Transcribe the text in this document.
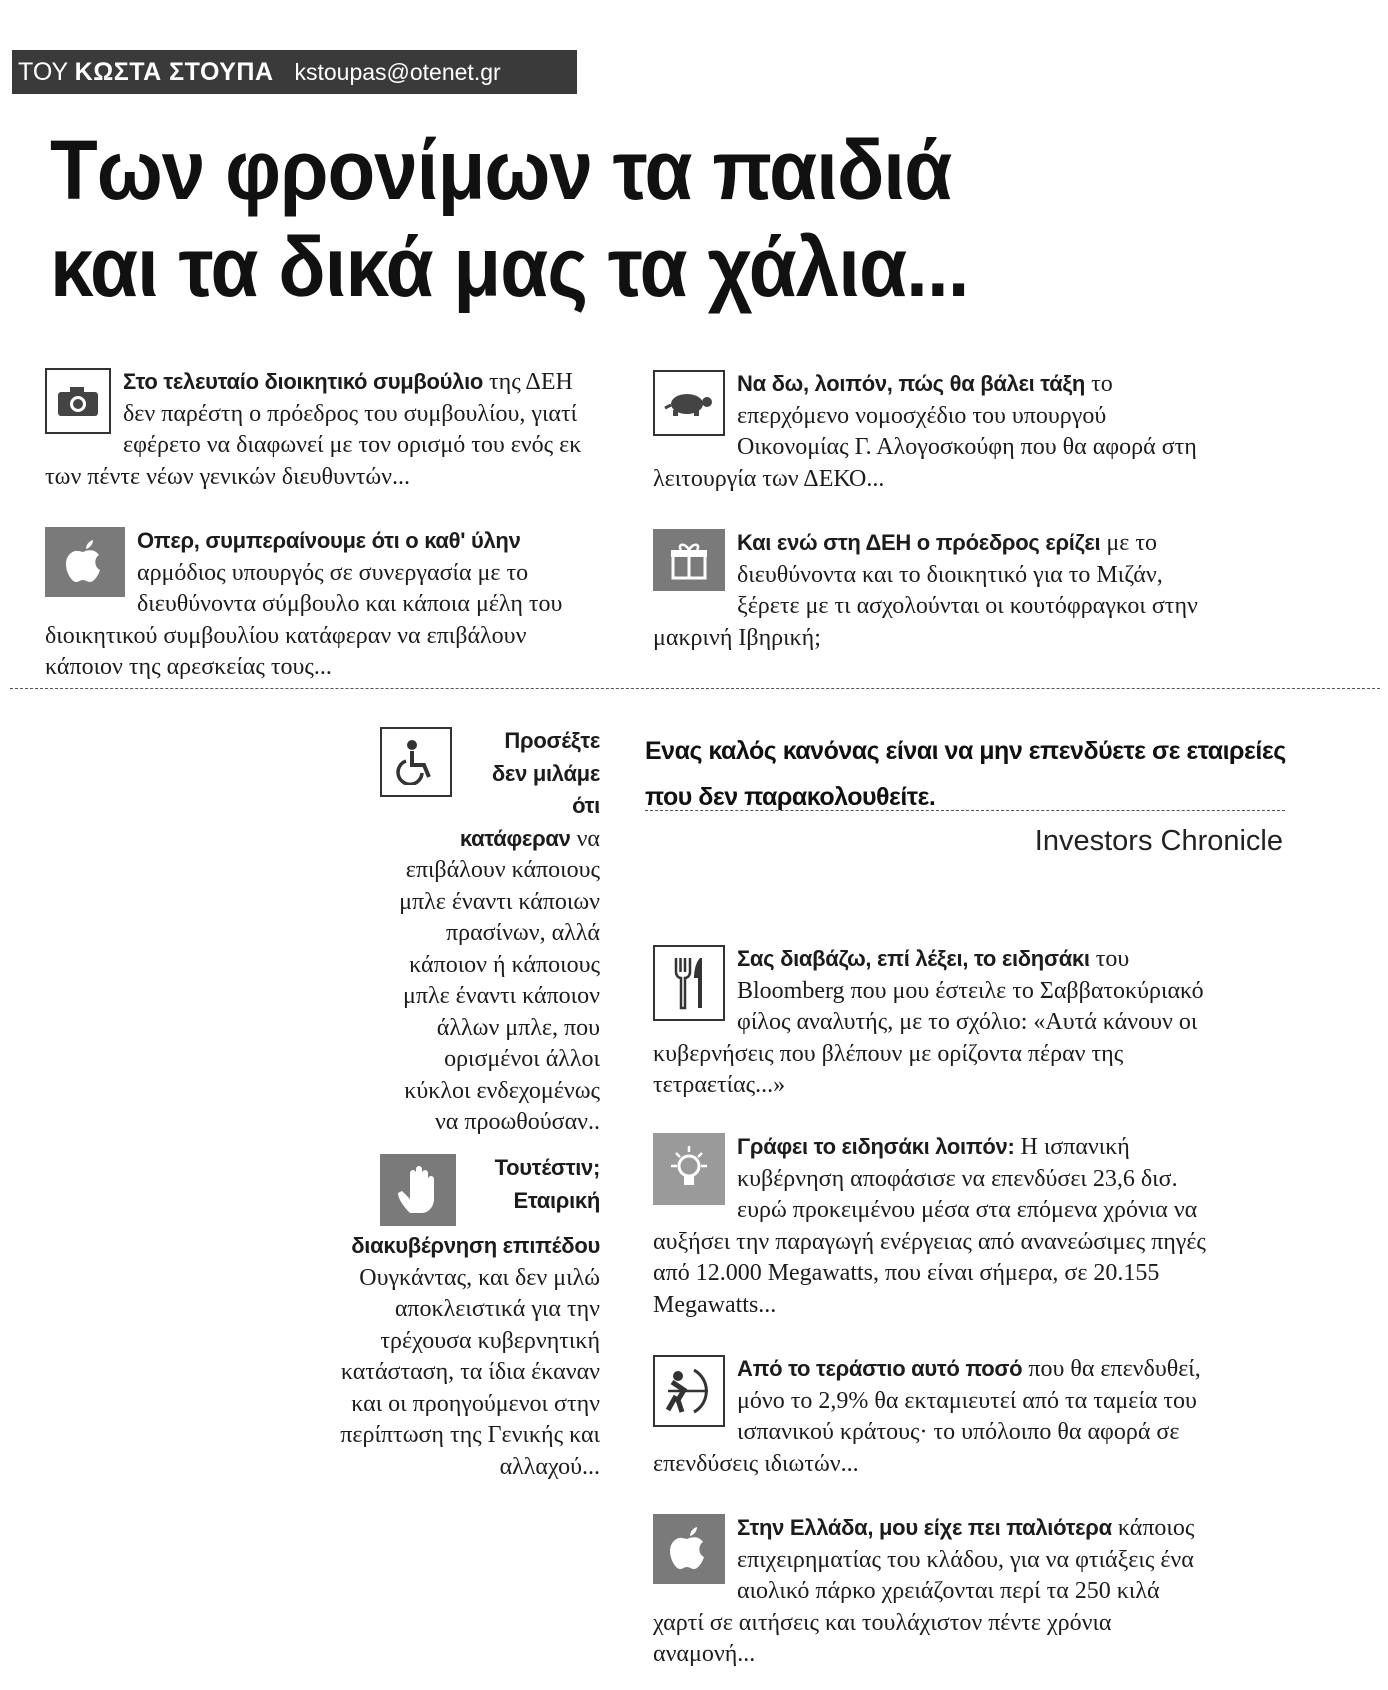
ΤΟΥ ΚΩΣΤΑ ΣΤΟΥΠΑ kstoupas@otenet.gr
Των φρονίμων τα παιδιά
και τα δικά μας τα χάλια...

Στο τελευταίο διοικητικό συμβούλιο της ΔΕΗ δεν παρέστη ο πρόεδρος του συμβουλίου, γιατί εφέρετο να διαφωνεί με τον ορισμό του ενός εκ των πέντε νέων γενικών διευθυντών...

Οπερ, συμπεραίνουμε ότι ο καθ' ύλην αρμόδιος υπουργός σε συνεργασία με το διευθύνοντα σύμβουλο και κάποια μέλη του διοικητικού συμβουλίου κατάφεραν να επιβάλουν κάποιον της αρεσκείας τους...

Να δω, λοιπόν, πώς θα βάλει τάξη το επερχόμενο νομοσχέδιο του υπουργού Οικονομίας Γ. Αλογοσκούφη που θα αφορά στη λειτουργία των ΔΕΚΟ...

Και ενώ στη ΔΕΗ ο πρόεδρος ερίζει με το διευθύνοντα και το διοικητικό για το Μιζάν, ξέρετε με τι ασχολούνται οι κουτόφραγκοι στην μακρινή Ιβηρική;

Προσέξτε δεν μιλάμε ότι κατάφεραν να επιβάλουν κάποιους μπλε έναντι κάποιων πρασίνων, αλλά κάποιον ή κάποιους μπλε έναντι κάποιον άλλων μπλε, που ορισμένοι άλλοι κύκλοι ενδεχομένως να προωθούσαν..

Τουτέστιν; Εταιρική διακυβέρνηση επιπέδου Ουγκάντας, και δεν μιλώ αποκλειστικά για την τρέχουσα κυβερνητική κατάσταση, τα ίδια έκαναν και οι προηγούμενοι στην περίπτωση της Γενικής και αλλαχού...

Ενας καλός κανόνας είναι να μην επενδύετε σε εταιρείες που δεν παρακολουθείτε.
Investors Chronicle

Σας διαβάζω, επί λέξει, το ειδησάκι του Bloomberg που μου έστειλε το Σαββατοκύριακό φίλος αναλυτής, με το σχόλιο: «Αυτά κάνουν οι κυβερνήσεις που βλέπουν με ορίζοντα πέραν της τετραετίας...»

Γράφει το ειδησάκι λοιπόν: Η ισπανική κυβέρνηση αποφάσισε να επενδύσει 23,6 δισ. ευρώ προκειμένου μέσα στα επόμενα χρόνια να αυξήσει την παραγωγή ενέργειας από ανανεώσιμες πηγές από 12.000 Megawatts, που είναι σήμερα, σε 20.155 Megawatts...

Από το τεράστιο αυτό ποσό που θα επενδυθεί, μόνο το 2,9% θα εκταμιευτεί από τα ταμεία του ισπανικού κράτους· το υπόλοιπο θα αφορά σε επενδύσεις ιδιωτών...

Στην Ελλάδα, μου είχε πει παλιότερα κάποιος επιχειρηματίας του κλάδου, για να φτιάξεις ένα αιολικό πάρκο χρειάζονται περί τα 250 κιλά χαρτί σε αιτήσεις και τουλάχιστον πέντε χρόνια αναμονή...
